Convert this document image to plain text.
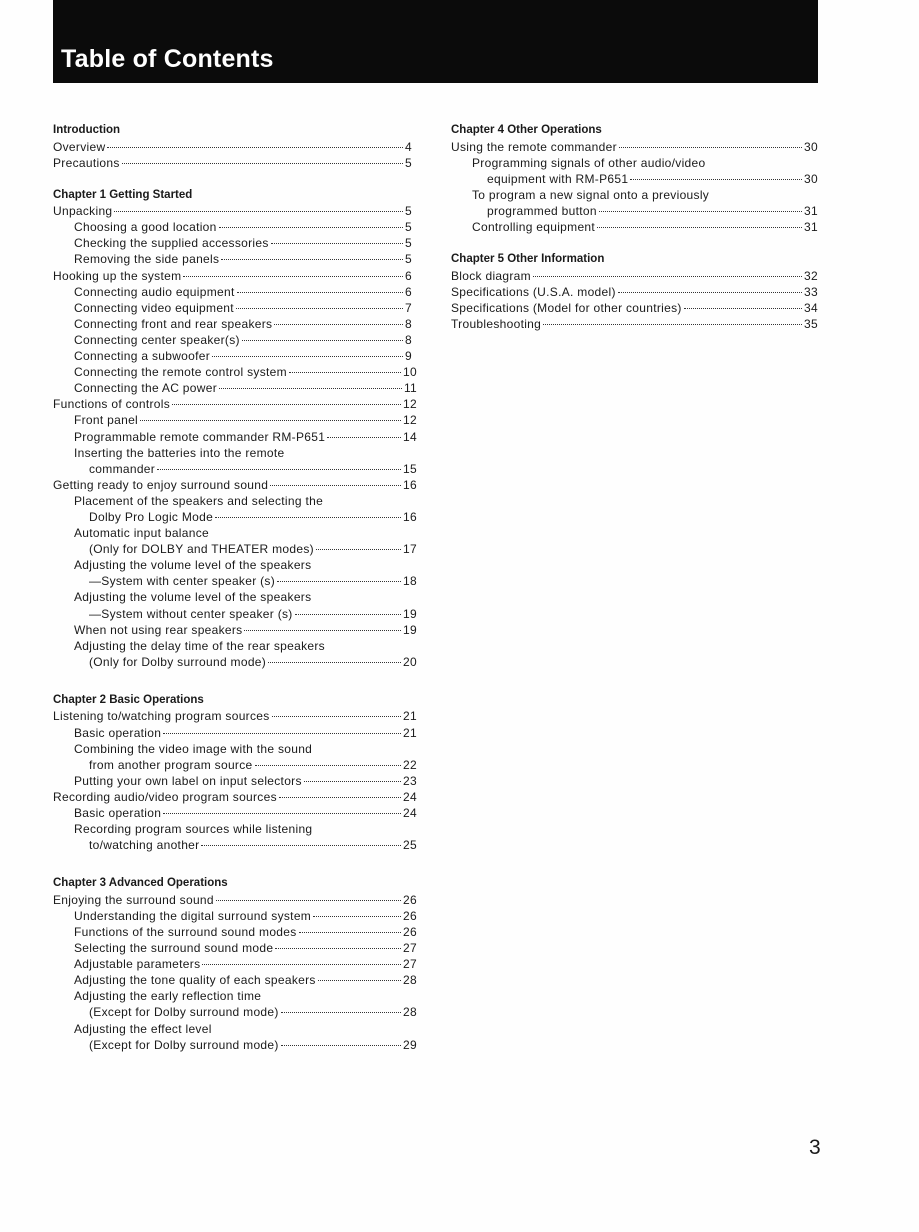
Table of Contents
Introduction
Overview	4
Precautions	5
Chapter 1 Getting Started
Unpacking	5
Choosing a good location	5
Checking the supplied accessories	5
Removing the side panels	5
Hooking up the system	6
Connecting audio equipment	6
Connecting video equipment	7
Connecting front and rear speakers	8
Connecting center speaker(s)	8
Connecting a subwoofer	9
Connecting the remote control system	10
Connecting the AC power	11
Functions of controls	12
Front panel	12
Programmable remote commander RM-P651	14
Inserting the batteries into the remote
commander	15
Getting ready to enjoy surround sound	16
Placement of the speakers and selecting the
Dolby Pro Logic Mode	16
Automatic input balance
(Only for DOLBY and THEATER modes)	17
Adjusting the volume level of the speakers
—System with center speaker (s)	18
Adjusting the volume level of the speakers
—System without center speaker (s)	19
When not using rear speakers	19
Adjusting the delay time of the rear speakers
(Only for Dolby surround mode)	20
Chapter 2 Basic Operations
Listening to/watching program sources	21
Basic operation	21
Combining the video image with the sound
from another program source	22
Putting your own label on input selectors	23
Recording audio/video program sources	24
Basic operation	24
Recording program sources while listening
to/watching another	25
Chapter 3 Advanced Operations
Enjoying the surround sound	26
Understanding the digital surround system	26
Functions of the surround sound modes	26
Selecting the surround sound mode	27
Adjustable parameters	27
Adjusting the tone quality of each speakers	28
Adjusting the early reflection time
(Except for Dolby surround mode)	28
Adjusting the effect level
(Except for Dolby surround mode)	29
Chapter 4 Other Operations
Using the remote commander	30
Programming signals of other audio/video
equipment with RM-P651	30
To program a new signal onto a previously
programmed button	31
Controlling equipment	31
Chapter 5 Other Information
Block diagram	32
Specifications (U.S.A. model)	33
Specifications (Model for other countries)	34
Troubleshooting	35
3
